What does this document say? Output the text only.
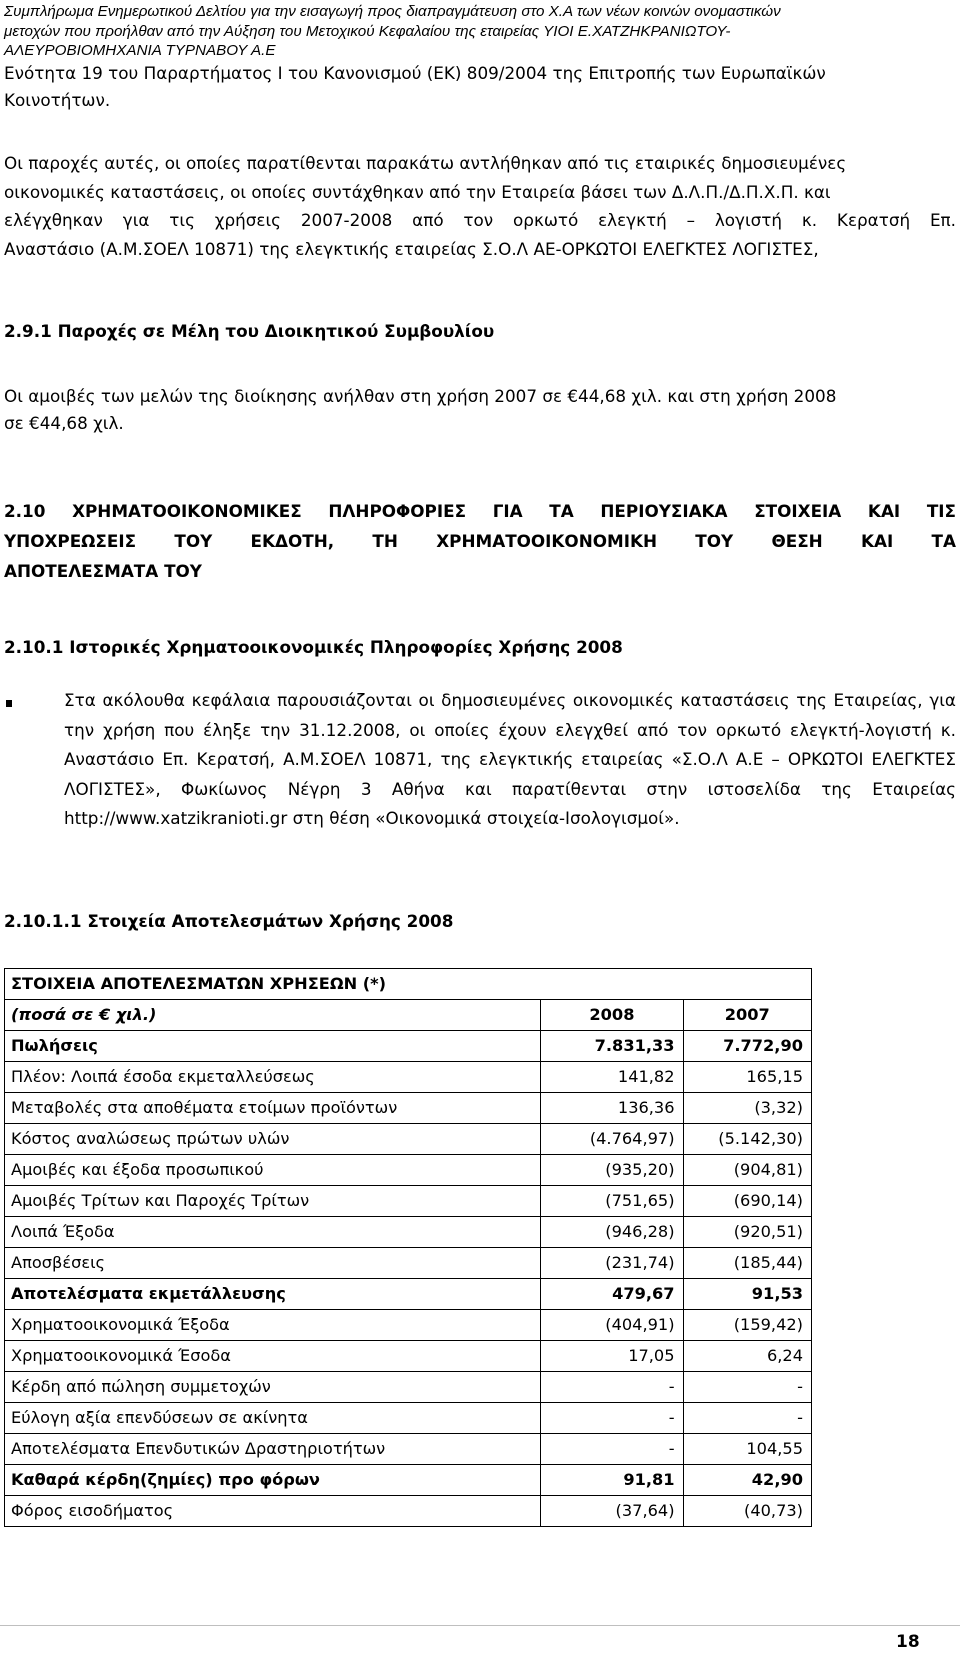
Συμπλήρωμα Ενημερωτικού Δελτίου για την εισαγωγή προς διαπραγμάτευση στο Χ.Α των νέων κοινών ονομαστικών
μετοχών που προήλθαν από την Αύξηση του Μετοχικού Κεφαλαίου της εταιρείας ΥΙΟΙ Ε.ΧΑΤΖΗΚΡΑΝΙΩΤΟΥ-
ΑΛΕΥΡΟΒΙΟΜΗΧΑΝΙΑ ΤΥΡΝΑΒΟΥ Α.Ε
Ενότητα 19 του Παραρτήματος Ι του Κανονισμού (ΕΚ) 809/2004 της Επιτροπής των Ευρωπαϊκών
Κοινοτήτων.
Οι παροχές αυτές, οι οποίες παρατίθενται παρακάτω αντλήθηκαν από τις εταιρικές δημοσιευμένες
οικονομικές καταστάσεις, οι οποίες συντάχθηκαν από την Εταιρεία βάσει των Δ.Λ.Π./Δ.Π.Χ.Π. και
ελέγχθηκαν για τις χρήσεις 2007-2008 από τον ορκωτό ελεγκτή – λογιστή κ. Κερατσή Επ.
Αναστάσιο (Α.Μ.ΣΟΕΛ 10871) της ελεγκτικής εταιρείας Σ.Ο.Λ ΑΕ-ΟΡΚΩΤΟΙ ΕΛΕΓΚΤΕΣ ΛΟΓΙΣΤΕΣ,
2.9.1 Παροχές σε Μέλη του Διοικητικού Συμβουλίου
Οι αμοιβές των μελών της διοίκησης ανήλθαν στη χρήση 2007 σε €44,68 χιλ. και στη χρήση 2008
σε €44,68 χιλ.
2.10 ΧΡΗΜΑΤΟΟΙΚΟΝΟΜΙΚΕΣ ΠΛΗΡΟΦΟΡΙΕΣ ΓΙΑ ΤΑ ΠΕΡΙΟΥΣΙΑΚΑ ΣΤΟΙΧΕΙΑ ΚΑΙ ΤΙΣ
ΥΠΟΧΡΕΩΣΕΙΣ ΤΟΥ ΕΚΔΟΤΗ, ΤΗ ΧΡΗΜΑΤΟΟΙΚΟΝΟΜΙΚΗ ΤΟΥ ΘΕΣΗ ΚΑΙ ΤΑ
ΑΠΟΤΕΛΕΣΜΑΤΑ ΤΟΥ
2.10.1 Ιστορικές Χρηματοοικονομικές Πληροφορίες Χρήσης 2008
Στα ακόλουθα κεφάλαια παρουσιάζονται οι δημοσιευμένες οικονομικές καταστάσεις της Εταιρείας, για την χρήση που έληξε την 31.12.2008, οι οποίες έχουν ελεγχθεί από τον ορκωτό ελεγκτή-λογιστή κ. Αναστάσιο Επ. Κερατσή, Α.Μ.ΣΟΕΛ 10871, της ελεγκτικής εταιρείας «Σ.Ο.Λ Α.Ε – ΟΡΚΩΤΟΙ ΕΛΕΓΚΤΕΣ ΛΟΓΙΣΤΕΣ», Φωκίωνος Νέγρη 3 Αθήνα και παρατίθενται στην ιστοσελίδα της Εταιρείας http://www.xatzikranioti.gr στη θέση «Οικονομικά στοιχεία-Ισολογισμοί».
2.10.1.1 Στοιχεία Αποτελεσμάτων Χρήσης 2008
ΣΤΟΙΧΕΙΑ ΑΠΟΤΕΛΕΣΜΑΤΩΝ ΧΡΗΣΕΩΝ (*)		
(ποσά σε € χιλ.)	2008	2007
Πωλήσεις	7.831,33	7.772,90
Πλέον: Λοιπά έσοδα εκμεταλλεύσεως	141,82	165,15
Μεταβολές στα αποθέματα ετοίμων προϊόντων	136,36	(3,32)
Κόστος αναλώσεως πρώτων υλών	(4.764,97)	(5.142,30)
Αμοιβές και έξοδα προσωπικού	(935,20)	(904,81)
Αμοιβές Τρίτων και Παροχές Τρίτων	(751,65)	(690,14)
Λοιπά Έξοδα	(946,28)	(920,51)
Αποσβέσεις	(231,74)	(185,44)
Αποτελέσματα εκμετάλλευσης	479,67	91,53
Χρηματοοικονομικά Έξοδα	(404,91)	(159,42)
Χρηματοοικονομικά Έσοδα	17,05	6,24
Κέρδη από πώληση συμμετοχών	-	-
Εύλογη αξία επενδύσεων σε ακίνητα	-	-
Αποτελέσματα Επενδυτικών Δραστηριοτήτων	-	104,55
Καθαρά κέρδη(ζημίες) προ φόρων	91,81	42,90
Φόρος εισοδήματος	(37,64)	(40,73)
18
